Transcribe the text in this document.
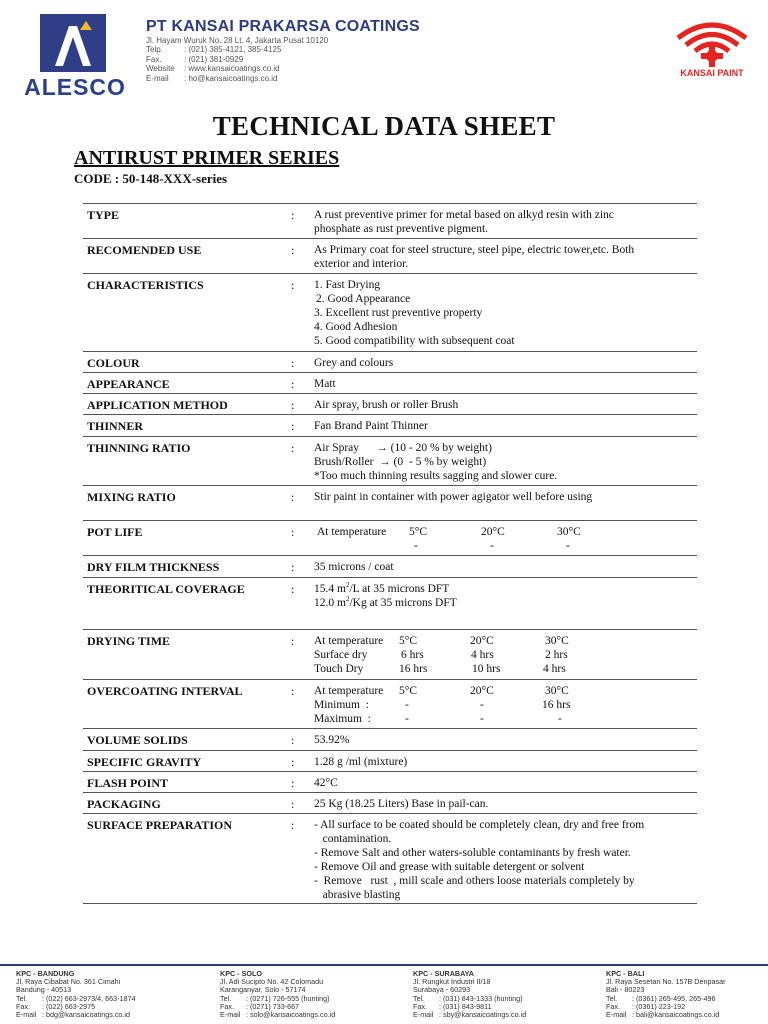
ALESCO
PT KANSAI PRAKARSA COATINGS
Jl. Hayam Wuruk No. 28 Lt. 4, Jakarta Pusat 10120
Telp.	: (021) 385-4121, 385-4125
Fax.	: (021) 381-0929
Website : www.kansaicoatings.co.id
E-mail : ho@kansaicoatings.co.id
KANSAI PAINT
TECHNICAL DATA SHEET
ANTIRUST PRIMER SERIES
CODE : 50-148-XXX-series
TYPE	: A rust preventive primer for metal based on alkyd resin with zinc
phosphate as rust preventive pigment.
RECOMENDED USE	: As Primary coat for steel structure, steel pipe, electric tower,etc. Both
exterior and interior.
CHARACTERISTICS	: 1. Fast Drying
2. Good Appearance
3. Excellent rust preventive property
4. Good Adhesion
5. Good compatibility with subsequent coat
COLOUR	: Grey and colours
APPEARANCE	: Matt
APPLICATION METHOD	: Air spray, brush or roller Brush
THINNER	: Fan Brand Paint Thinner
THINNING RATIO	: Air Spray      → (10 - 20 % by weight)
Brush/Roller  → (0  - 5 % by weight)
*Too much thinning results sagging and slower cure.
MIXING RATIO	: Stir paint in container with power agigator well before using
POT LIFE	: At temperature 5°C	20°C	30°C
-	-	-
DRY FILM THICKNESS	: 35 microns / coat
THEORITICAL COVERAGE	: 15.4 $m^2/L$ at 35 microns DFT
12.0 $m^2/Kg$ at 35 microns DFT
DRYING TIME	: At temperature 5°C	20°C	30°C
Surface dry	6 hrs	4 hrs	2 hrs
Touch Dry	16 hrs	10 hrs	4 hrs
OVERCOATING INTERVAL	: At temperature 5°C	20°C	30°C
Minimum  :	-	-	16 hrs
Maximum  :	-	-	-
VOLUME SOLIDS	: 53.92%
SPECIFIC GRAVITY	: 1.28 g /ml (mixture)
FLASH POINT	: 42°C
PACKAGING	: 25 Kg (18.25 Liters) Base in pail-can.
SURFACE PREPARATION	: - All surface to be coated should be completely clean, dry and free from
contamination.
- Remove Salt and other waters-soluble contaminants by fresh water.
- Remove Oil and grease with suitable detergent or solvent
-  Remove   rust  , mill scale and others loose materials completely by
abrasive blasting
KPC - BANDUNG
Jl. Raya Cibabat No. 361 Cimahi
Bandung - 40513
Tel. : (022) 663-2973/4, 663-1874
Fax. : (022) 663-2975
E-mail : bdg@kansaicoatings.co.id
KPC - SOLO
Jl. Adi Sucipto No. 42 Colomadu
Karanganyar, Solo - 57174
Tel. : (0271) 726-555 (hunting)
Fax. : (0271) 733-667
E-mail : solo@kansaicoatings.co.id
KPC - SURABAYA
Jl. Rungkut Industri II/18
Surabaya - 60293
Tel. : (031) 843-1333 (hunting)
Fax. : (031) 843-9811
E-mail : sby@kansaicoatings.co.id
KPC - BALI
Jl. Raya Sesetan No. 157B Denpasar
Bali - 80223
Tel. : (0361) 265-495, 265-496
Fax. : (0361) 223-192
E-mail : bali@kansaicoatings.co.id
